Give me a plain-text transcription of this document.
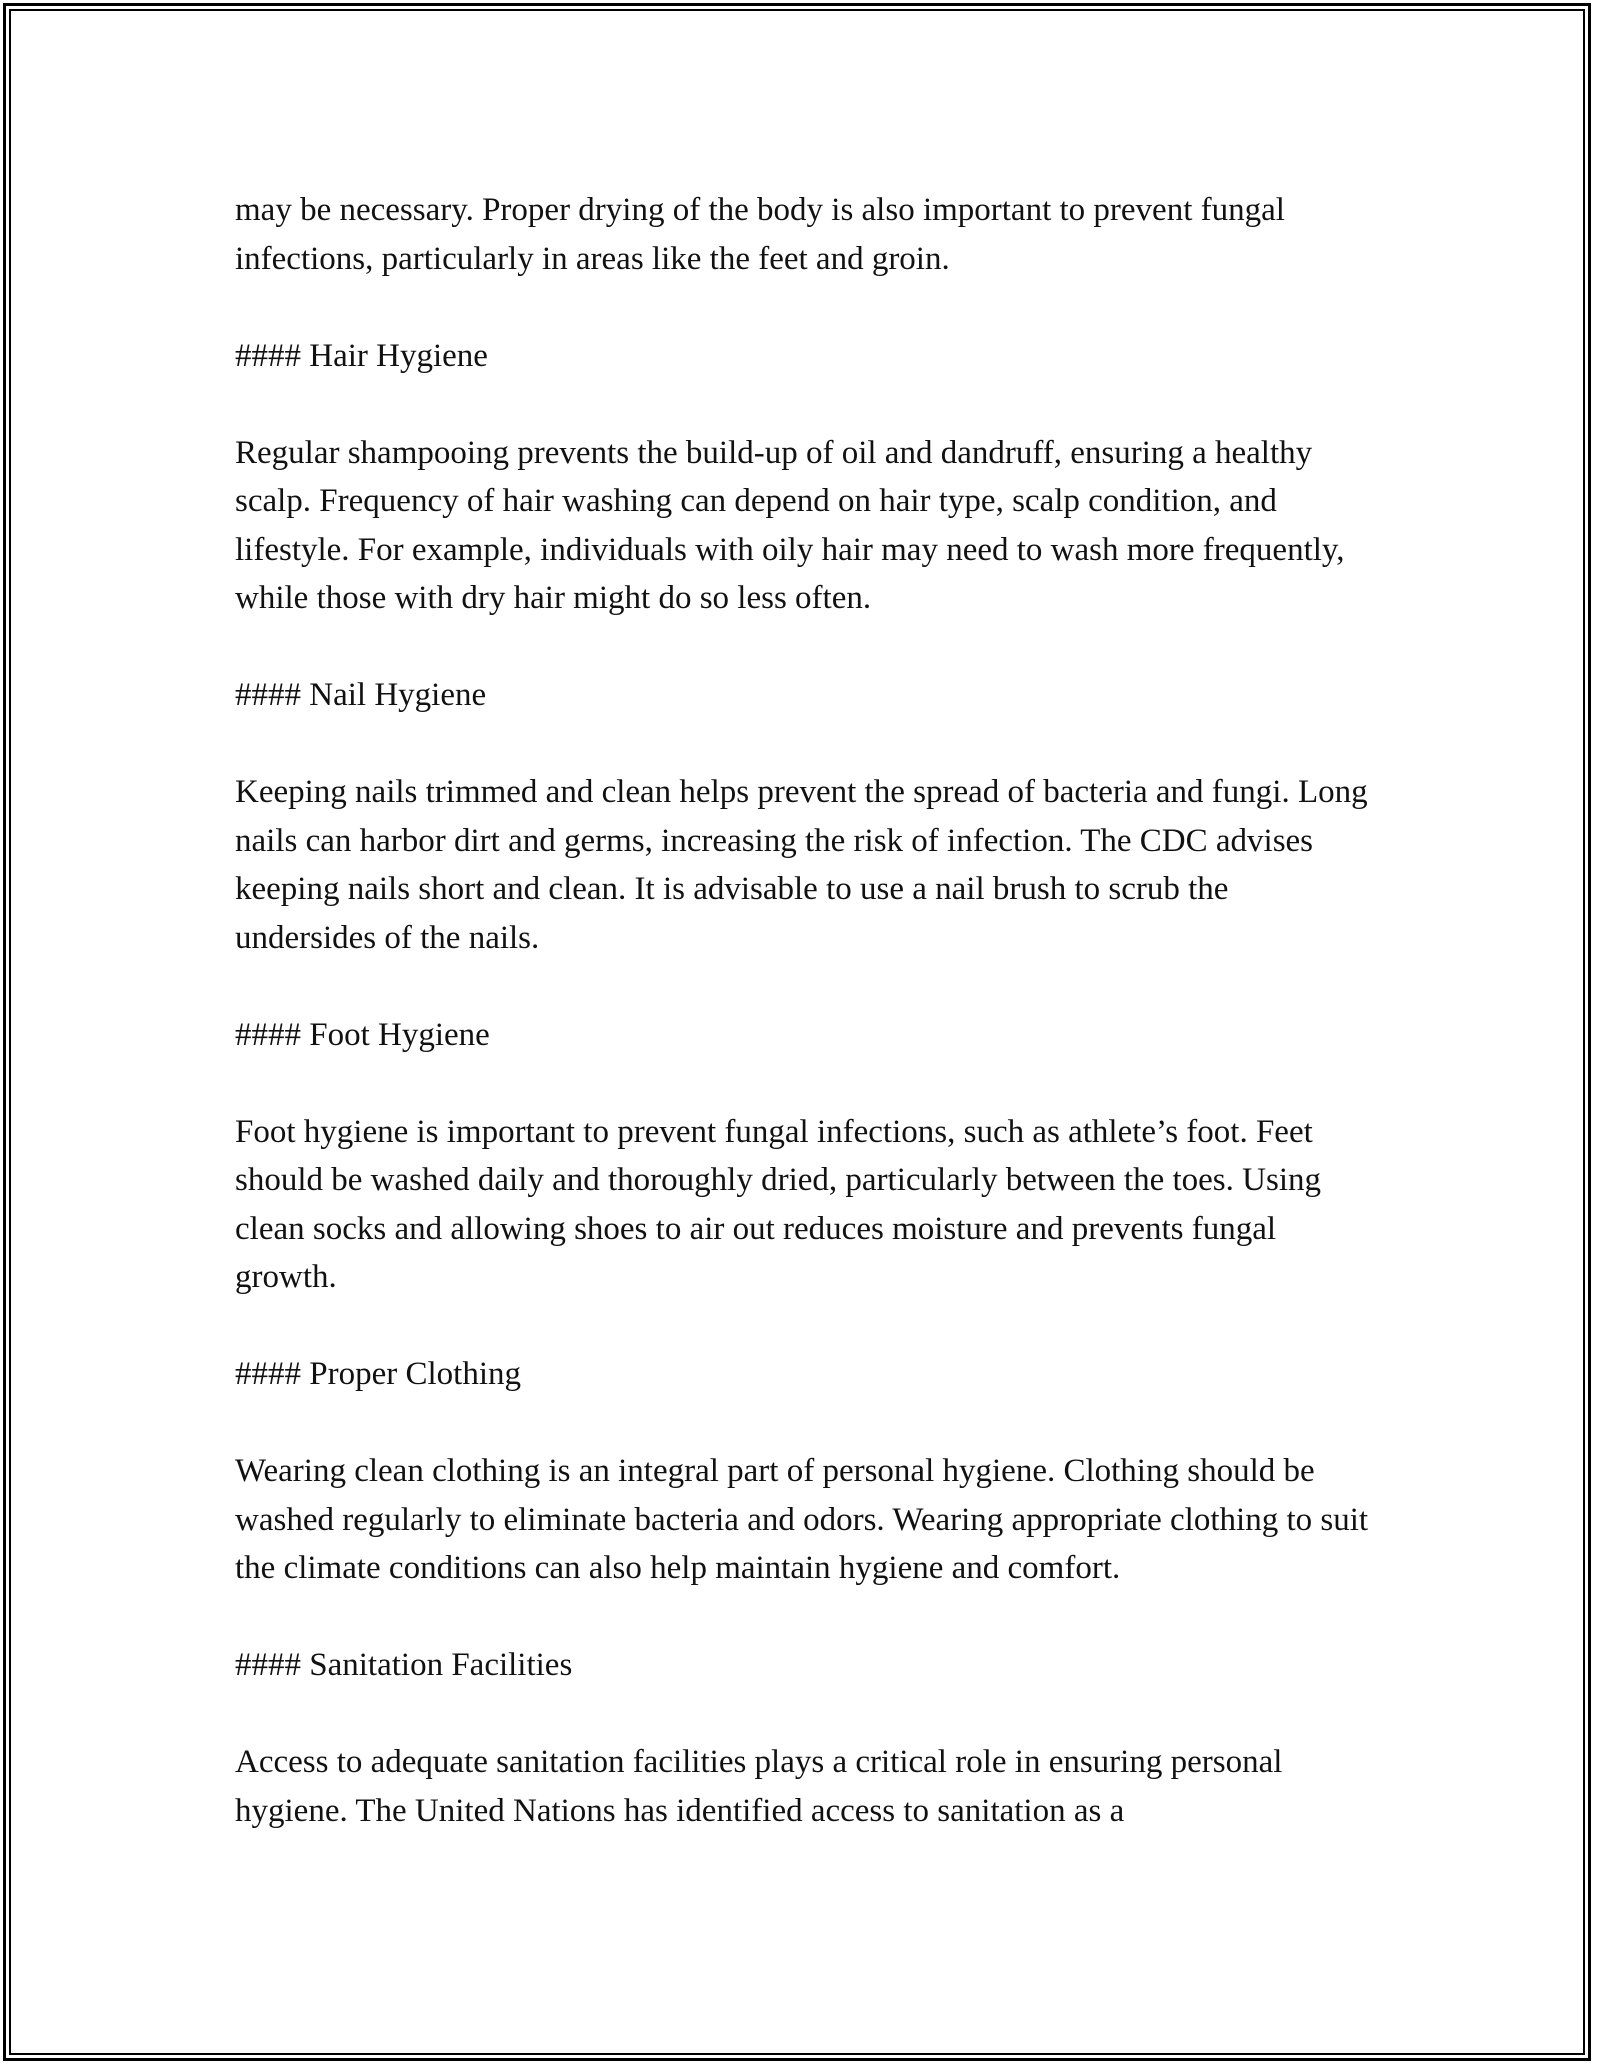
may be necessary. Proper drying of the body is also important to prevent fungal infections, particularly in areas like the feet and groin.

#### Hair Hygiene

Regular shampooing prevents the build-up of oil and dandruff, ensuring a healthy scalp. Frequency of hair washing can depend on hair type, scalp condition, and lifestyle. For example, individuals with oily hair may need to wash more frequently, while those with dry hair might do so less often.

#### Nail Hygiene

Keeping nails trimmed and clean helps prevent the spread of bacteria and fungi. Long nails can harbor dirt and germs, increasing the risk of infection. The CDC advises keeping nails short and clean. It is advisable to use a nail brush to scrub the undersides of the nails.

#### Foot Hygiene

Foot hygiene is important to prevent fungal infections, such as athlete’s foot. Feet should be washed daily and thoroughly dried, particularly between the toes. Using clean socks and allowing shoes to air out reduces moisture and prevents fungal growth.

#### Proper Clothing

Wearing clean clothing is an integral part of personal hygiene. Clothing should be washed regularly to eliminate bacteria and odors. Wearing appropriate clothing to suit the climate conditions can also help maintain hygiene and comfort.

#### Sanitation Facilities

Access to adequate sanitation facilities plays a critical role in ensuring personal hygiene. The United Nations has identified access to sanitation as a
